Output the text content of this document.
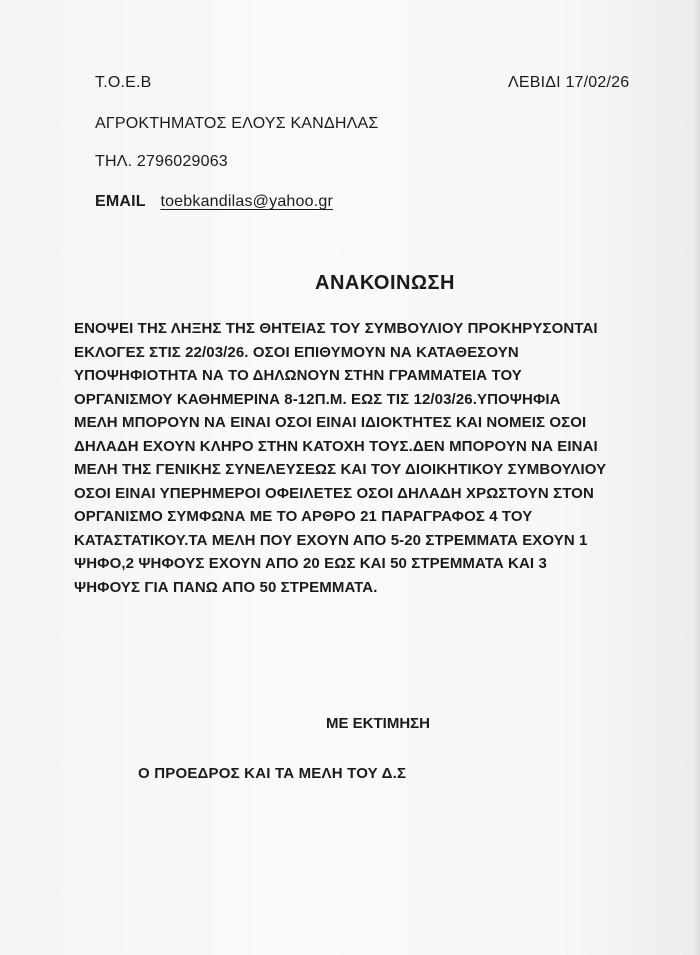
Τ.Ο.Ε.Β	ΛΕΒΙΔΙ 17/02/26
ΑΓΡΟΚΤΗΜΑΤΟΣ ΕΛΟΥΣ ΚΑΝΔΗΛΑΣ
ΤΗΛ. 2796029063
EMAIL toebkandilas@yahoo.gr
ΑΝΑΚΟΙΝΩΣΗ
ΕΝΟΨΕΙ ΤΗΣ ΛΗΞΗΣ ΤΗΣ ΘΗΤΕΙΑΣ ΤΟΥ ΣΥΜΒΟΥΛΙΟΥ ΠΡΟΚΗΡΥΣΟΝΤΑΙ
ΕΚΛΟΓΕΣ ΣΤΙΣ 22/03/26. ΟΣΟΙ ΕΠΙΘΥΜΟΥΝ ΝΑ ΚΑΤΑΘΕΣΟΥΝ
ΥΠΟΨΗΦΙΟΤΗΤΑ ΝΑ ΤΟ ΔΗΛΩΝΟΥΝ ΣΤΗΝ ΓΡΑΜΜΑΤΕΙΑ ΤΟΥ
ΟΡΓΑΝΙΣΜΟΥ ΚΑΘΗΜΕΡΙΝΑ 8-12Π.Μ. ΕΩΣ ΤΙΣ 12/03/26.ΥΠΟΨΗΦΙΑ
ΜΕΛΗ ΜΠΟΡΟΥΝ ΝΑ ΕΙΝΑΙ ΟΣΟΙ ΕΙΝΑΙ ΙΔΙΟΚΤΗΤΕΣ ΚΑΙ ΝΟΜΕΙΣ ΟΣΟΙ
ΔΗΛΑΔΗ ΕΧΟΥΝ ΚΛΗΡΟ ΣΤΗΝ ΚΑΤΟΧΗ ΤΟΥΣ.ΔΕΝ ΜΠΟΡΟΥΝ ΝΑ ΕΙΝΑΙ
ΜΕΛΗ ΤΗΣ ΓΕΝΙΚΗΣ ΣΥΝΕΛΕΥΣΕΩΣ ΚΑΙ ΤΟΥ ΔΙΟΙΚΗΤΙΚΟΥ ΣΥΜΒΟΥΛΙΟΥ
ΟΣΟΙ ΕΙΝΑΙ ΥΠΕΡΗΜΕΡΟΙ ΟΦΕΙΛΕΤΕΣ ΟΣΟΙ ΔΗΛΑΔΗ ΧΡΩΣΤΟΥΝ ΣΤΟΝ
ΟΡΓΑΝΙΣΜΟ ΣΥΜΦΩΝΑ ΜΕ ΤΟ ΑΡΘΡΟ 21 ΠΑΡΑΓΡΑΦΟΣ 4 ΤΟΥ
ΚΑΤΑΣΤΑΤΙΚΟΥ.ΤΑ ΜΕΛΗ ΠΟΥ ΕΧΟΥΝ ΑΠΟ 5-20 ΣΤΡΕΜΜΑΤΑ ΕΧΟΥΝ 1
ΨΗΦΟ,2 ΨΗΦΟΥΣ ΕΧΟΥΝ ΑΠΟ 20 ΕΩΣ ΚΑΙ 50 ΣΤΡΕΜΜΑΤΑ ΚΑΙ 3
ΨΗΦΟΥΣ ΓΙΑ ΠΑΝΩ ΑΠΟ 50 ΣΤΡΕΜΜΑΤΑ.
ΜΕ ΕΚΤΙΜΗΣΗ
Ο ΠΡΟΕΔΡΟΣ ΚΑΙ ΤΑ ΜΕΛΗ ΤΟΥ Δ.Σ
